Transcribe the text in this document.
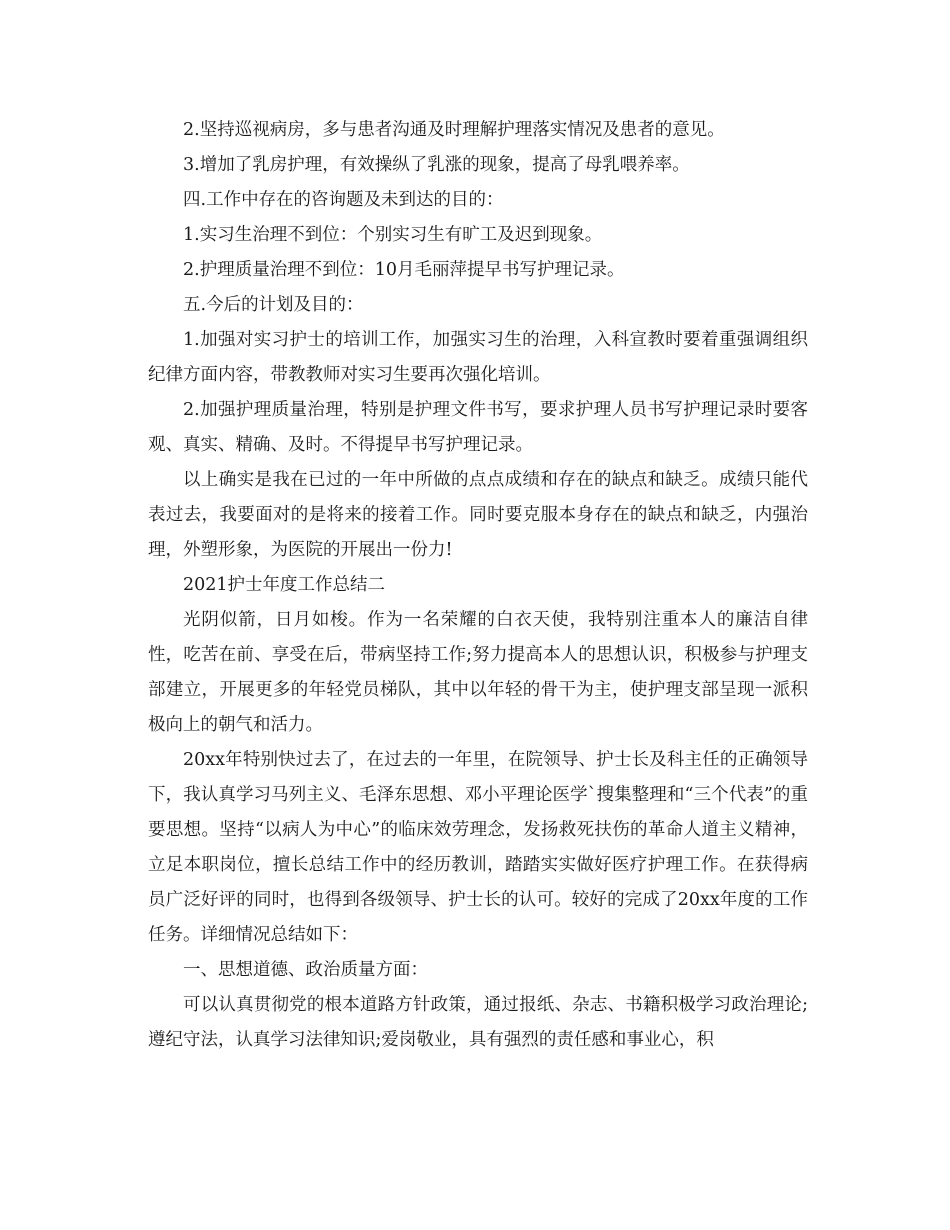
2.坚持巡视病房，多与患者沟通及时理解护理落实情况及患者的意见。

3.增加了乳房护理，有效操纵了乳涨的现象，提高了母乳喂养率。

四.工作中存在的咨询题及未到达的目的：

1.实习生治理不到位：个别实习生有旷工及迟到现象。

2.护理质量治理不到位：10月毛丽萍提早书写护理记录。

五.今后的计划及目的：

1.加强对实习护士的培训工作，加强实习生的治理，入科宣教时要着重强调组织纪律方面内容，带教教师对实习生要再次强化培训。

2.加强护理质量治理，特别是护理文件书写，要求护理人员书写护理记录时要客观、真实、精确、及时。不得提早书写护理记录。

以上确实是我在已过的一年中所做的点点成绩和存在的缺点和缺乏。成绩只能代表过去，我要面对的是将来的接着工作。同时要克服本身存在的缺点和缺乏，内强治理，外塑形象，为医院的开展出一份力!

2021护士年度工作总结二

光阴似箭，日月如梭。作为一名荣耀的白衣天使，我特别注重本人的廉洁自律性，吃苦在前、享受在后，带病坚持工作;努力提高本人的思想认识，积极参与护理支部建立，开展更多的年轻党员梯队，其中以年轻的骨干为主，使护理支部呈现一派积极向上的朝气和活力。

20xx年特别快过去了，在过去的一年里，在院领导、护士长及科主任的正确领导下，我认真学习马列主义、毛泽东思想、邓小平理论医学`搜集整理和“三个代表”的重要思想。坚持“以病人为中心”的临床效劳理念，发扬救死扶伤的革命人道主义精神，立足本职岗位，擅长总结工作中的经历教训，踏踏实实做好医疗护理工作。在获得病员广泛好评的同时，也得到各级领导、护士长的认可。较好的完成了20xx年度的工作任务。详细情况总结如下：

一、思想道德、政治质量方面：

可以认真贯彻党的根本道路方针政策，通过报纸、杂志、书籍积极学习政治理论;遵纪守法，认真学习法律知识;爱岗敬业，具有强烈的责任感和事业心，积
